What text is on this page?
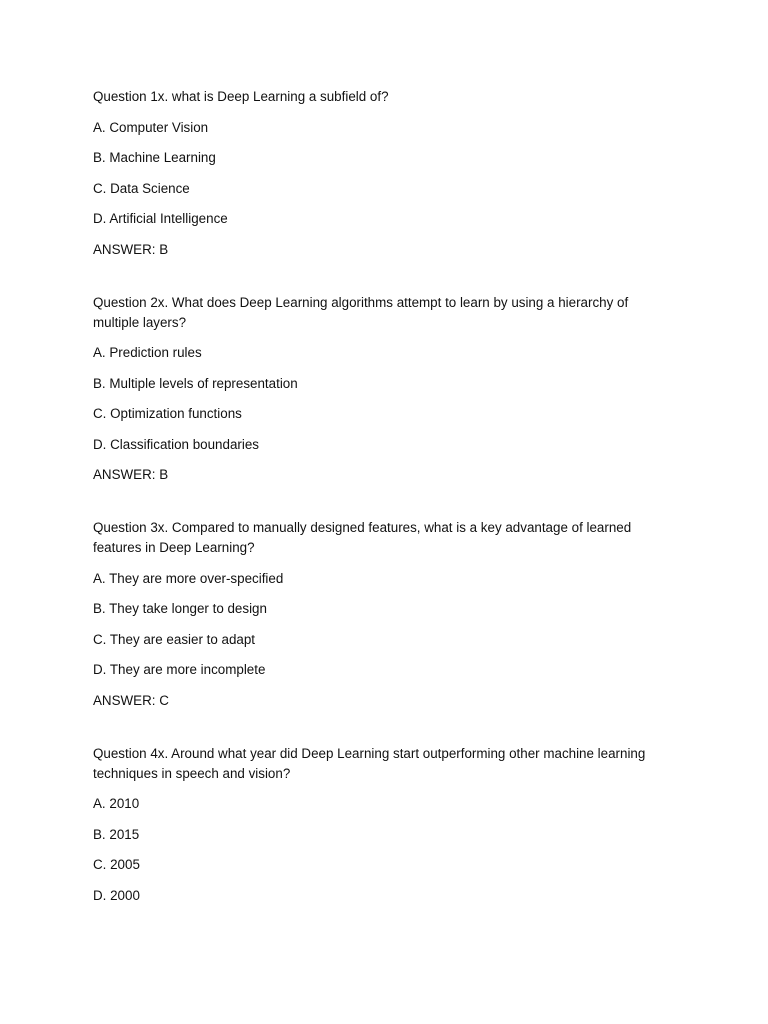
Question 1x. what is Deep Learning a subfield of?

A. Computer Vision

B. Machine Learning

C. Data Science

D. Artificial Intelligence

ANSWER: B

Question 2x. What does Deep Learning algorithms attempt to learn by using a hierarchy of multiple layers?

A. Prediction rules

B. Multiple levels of representation

C. Optimization functions

D. Classification boundaries

ANSWER: B

Question 3x. Compared to manually designed features, what is a key advantage of learned features in Deep Learning?

A. They are more over-specified

B. They take longer to design

C. They are easier to adapt

D. They are more incomplete

ANSWER: C

Question 4x. Around what year did Deep Learning start outperforming other machine learning techniques in speech and vision?

A. 2010

B. 2015

C. 2005

D. 2000
